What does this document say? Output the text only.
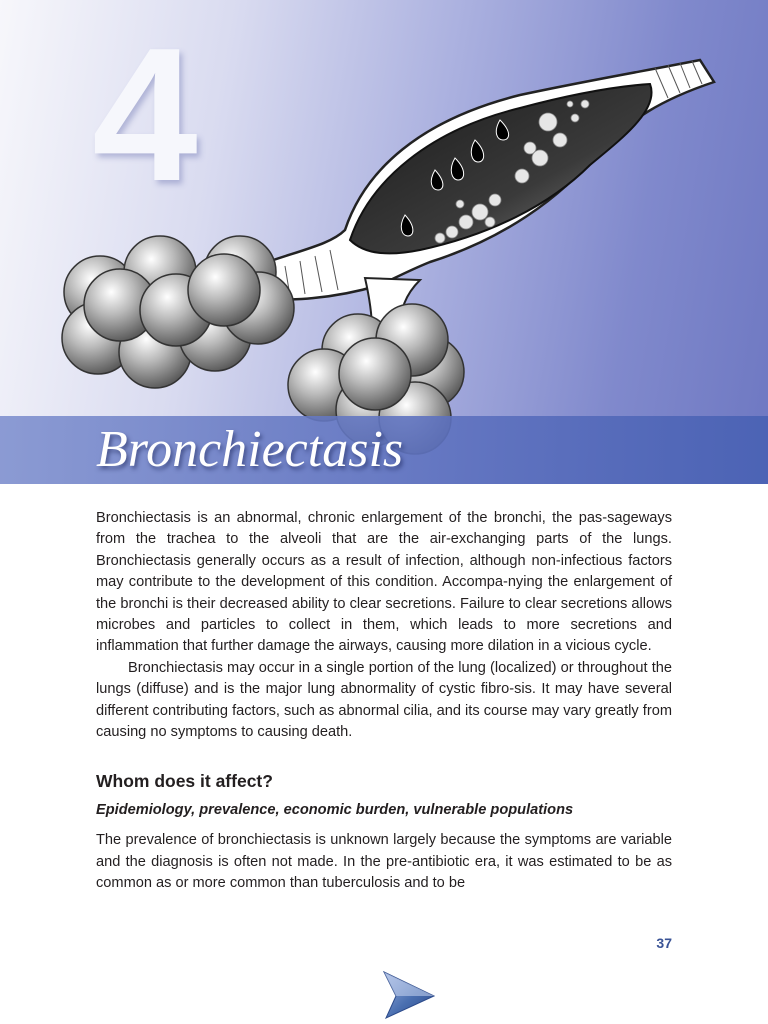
4
Bronchiectasis

Bronchiectasis is an abnormal, chronic enlargement of the bronchi, the pas-sageways from the trachea to the alveoli that are the air-exchanging parts of the lungs. Bronchiectasis generally occurs as a result of infection, although non-infectious factors may contribute to the development of this condition. Accompa-nying the enlargement of the bronchi is their decreased ability to clear secretions. Failure to clear secretions allows microbes and particles to collect in them, which leads to more secretions and inflammation that further damage the airways, causing more dilation in a vicious cycle.

Bronchiectasis may occur in a single portion of the lung (localized) or throughout the lungs (diffuse) and is the major lung abnormality of cystic fibro-sis. It may have several different contributing factors, such as abnormal cilia, and its course may vary greatly from causing no symptoms to causing death.

Whom does it affect?
Epidemiology, prevalence, economic burden, vulnerable populations

The prevalence of bronchiectasis is unknown largely because the symptoms are variable and the diagnosis is often not made. In the pre-antibiotic era, it was estimated to be as common as or more common than tuberculosis and to be

37
